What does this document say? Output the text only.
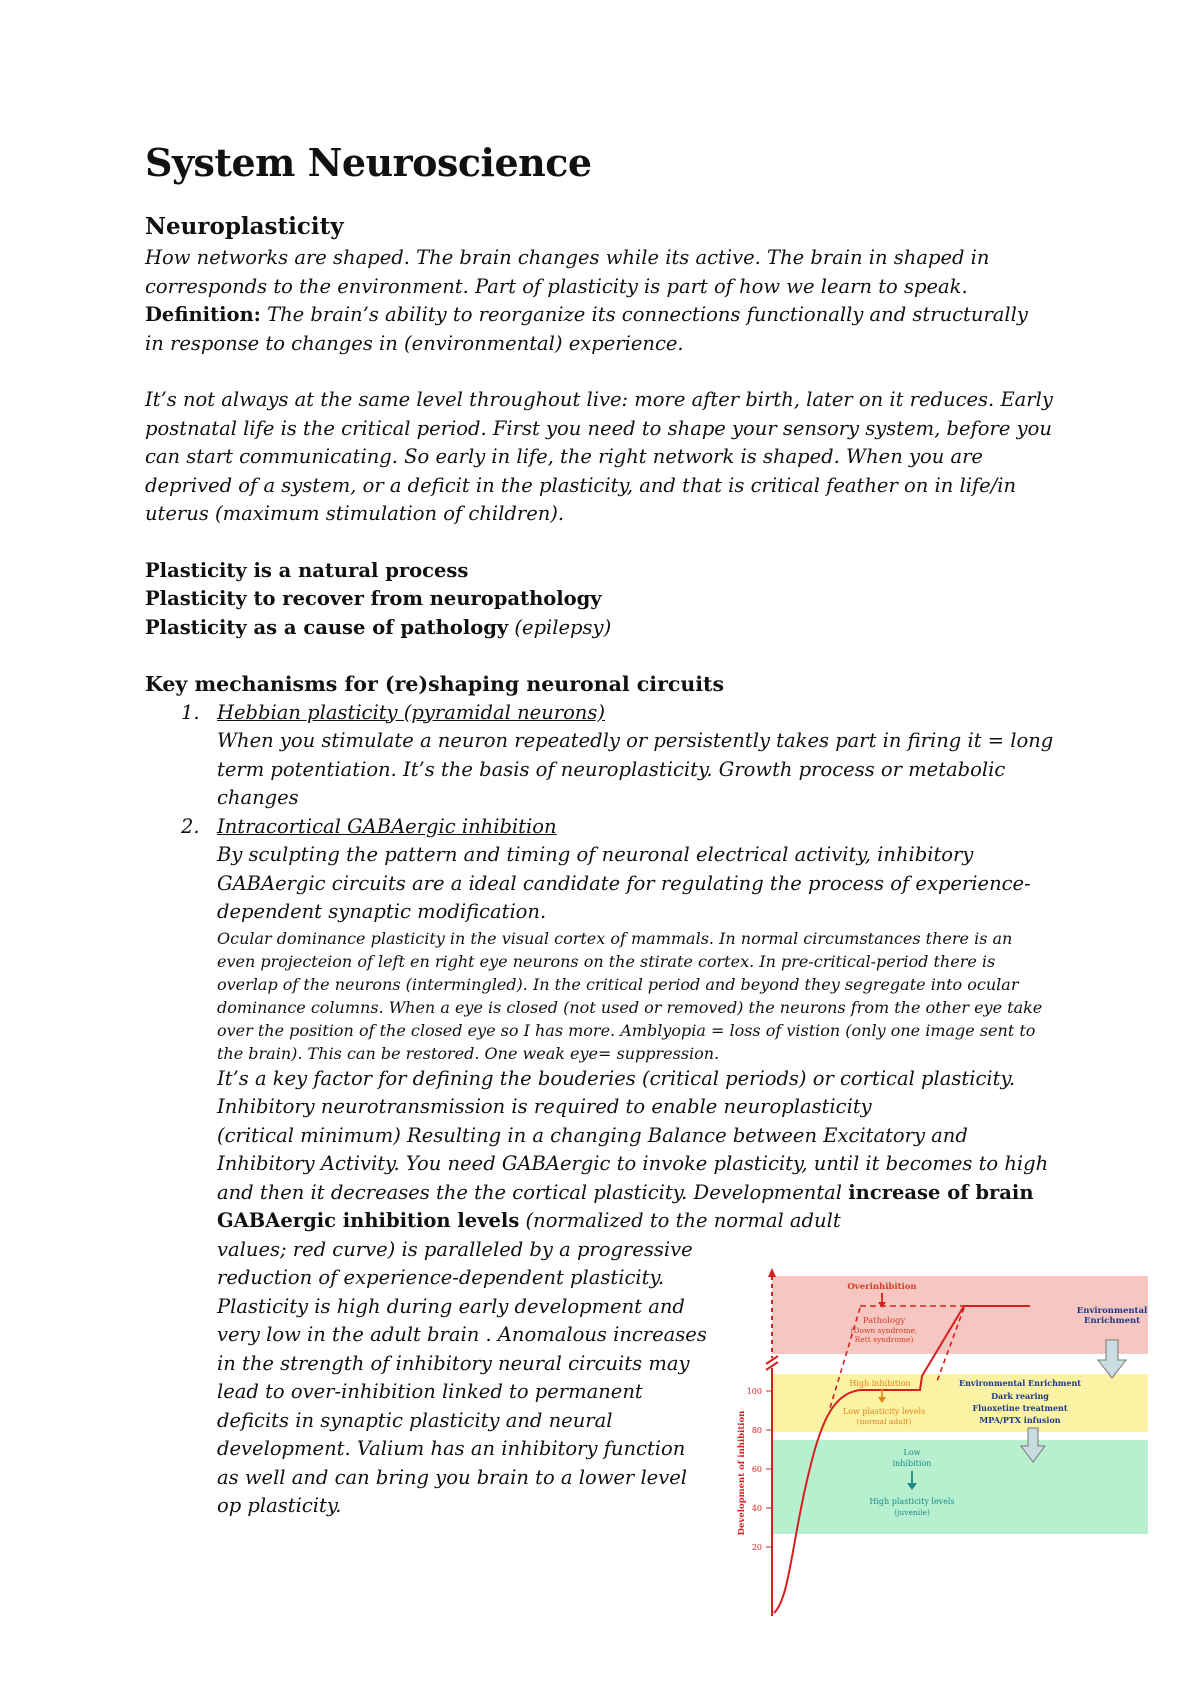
System Neuroscience
Neuroplasticity

How networks are shaped. The brain changes while its active. The brain in shaped in

corresponds to the environment. Part of plasticity is part of how we learn to speak.

Definition: The brain’s ability to reorganize its connections functionally and structurally

in response to changes in (environmental) experience.

It’s not always at the same level throughout live: more after birth, later on it reduces. Early

postnatal life is the critical period. First you need to shape your sensory system, before you

can start communicating. So early in life, the right network is shaped. When you are

deprived of a system, or a deficit in the plasticity, and that is critical feather on in life/in

uterus (maximum stimulation of children).

Plasticity is a natural process

Plasticity to recover from neuropathology

Plasticity as a cause of pathology (epilepsy)

Key mechanisms for (re)shaping neuronal circuits

1. Hebbian plasticity (pyramidal neurons)

When you stimulate a neuron repeatedly or persistently takes part in firing it = long

term potentiation. It’s the basis of neuroplasticity. Growth process or metabolic

changes

2. Intracortical GABAergic inhibition

By sculpting the pattern and timing of neuronal electrical activity, inhibitory

GABAergic circuits are a ideal candidate for regulating the process of experience-

dependent synaptic modification.

Ocular dominance plasticity in the visual cortex of mammals. In normal circumstances there is an

even projecteion of left en right eye neurons on the stirate cortex. In pre-critical-period there is

overlap of the neurons (intermingled). In the critical period and beyond they segregate into ocular

dominance columns. When a eye is closed (not used or removed) the neurons from the other eye take

over the position of the closed eye so I has more. Amblyopia = loss of vistion (only one image sent to

the brain). This can be restored. One weak eye= suppression.

It’s a key factor for defining the bouderies (critical periods) or cortical plasticity.

Inhibitory neurotransmission is required to enable neuroplasticity

(critical minimum) Resulting in a changing Balance between Excitatory and

Inhibitory Activity. You need GABAergic to invoke plasticity, until it becomes to high

and then it decreases the the cortical plasticity. Developmental increase of brain

GABAergic inhibition levels (normalized to the normal adult

values; red curve) is paralleled by a progressive

reduction of experience-dependent plasticity.

Plasticity is high during early development and

very low in the adult brain . Anomalous increases

in the strength of inhibitory neural circuits may

lead to over-inhibition linked to permanent

deficits in synaptic plasticity and neural

development. Valium has an inhibitory function

as well and can bring you brain to a lower level

op plasticity.

100
80
60
40
20
Development of inhibition
Overinhibition
Pathology
(Down syndrome,
Rett syndrome)
Environmental
Enrichment
High inhibition
Low plasticity levels
(normal adult)
Environmental Enrichment
Dark rearing
Fluoxetine treatment
MPA/PTX infusion
Low
inhibition
High plasticity levels
(juvenile)
